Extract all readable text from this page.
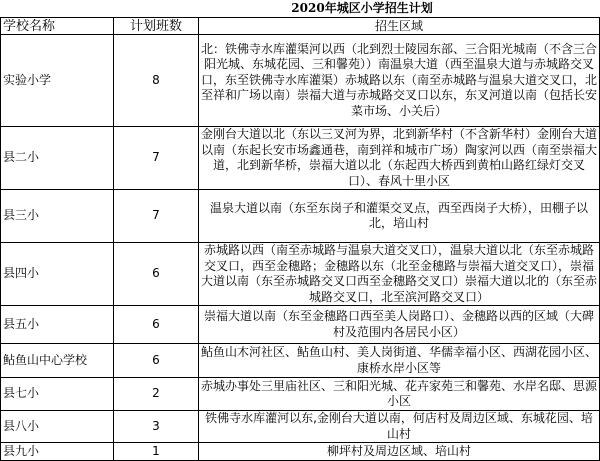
2020年城区小学招生计划
学校名称	计划班数	招生区域
实验小学	8	北：铁佛寺水库灌渠河以西（北到烈士陵园东部、三合阳光城南（不含三合阳光城、东城花园、三和馨苑））南温泉大道（西至温泉大道与赤城路交叉口，东至铁佛寺水库灌渠）赤城路以东（南至赤城路与温泉大道交叉口，北至祥和广场以南）崇福大道与赤城路交叉口以东，东叉河道以南（包括长安菜市场、小关后）
县二小	7	金刚台大道以北（东以三叉河为界，北到新华村（不含新华村）金刚台大道以南（东起长安市场鑫通巷，南到祥和城市广场）陶家河以西（南至崇福大道，北到新华桥，崇福大道以北（东起西大桥西到黄柏山路红绿灯交叉口）、春风十里小区
县三小	7	温泉大道以南（东至东岗子和灌渠交叉点，西至西岗子大桥），田棚子以北，培山村
县四小	6	赤城路以西（南至赤城路与温泉大道交叉口），温泉大道以北（东至赤城路交叉口，西至金穗路；金穗路以东（北至金穗路与崇福大道交叉口），崇福大道以南（东至赤城路交叉口西至金穗路交叉口）崇福大道以北的（东至赤城路交叉口，北至滨河路交叉口）
县五小	6	崇福大道以南（东至金穗路口西至美人岗路口）、金穗路以西的区域（大碑村及范围内各居民小区）
鲇鱼山中心学校	6	鲇鱼山木河社区、鲇鱼山村、美人岗街道、华儒幸福小区、西湖花园小区、康桥水岸小区等
县七小	2	赤城办事处三里庙社区、三和阳光城、花卉家苑三和馨苑、水岸名邸、思源小区
县八小	3	铁佛寺水库灌河以东,金刚台大道以南，何店村及周边区域、东城花园、培山村
县九小	1	柳坪村及周边区域、培山村
